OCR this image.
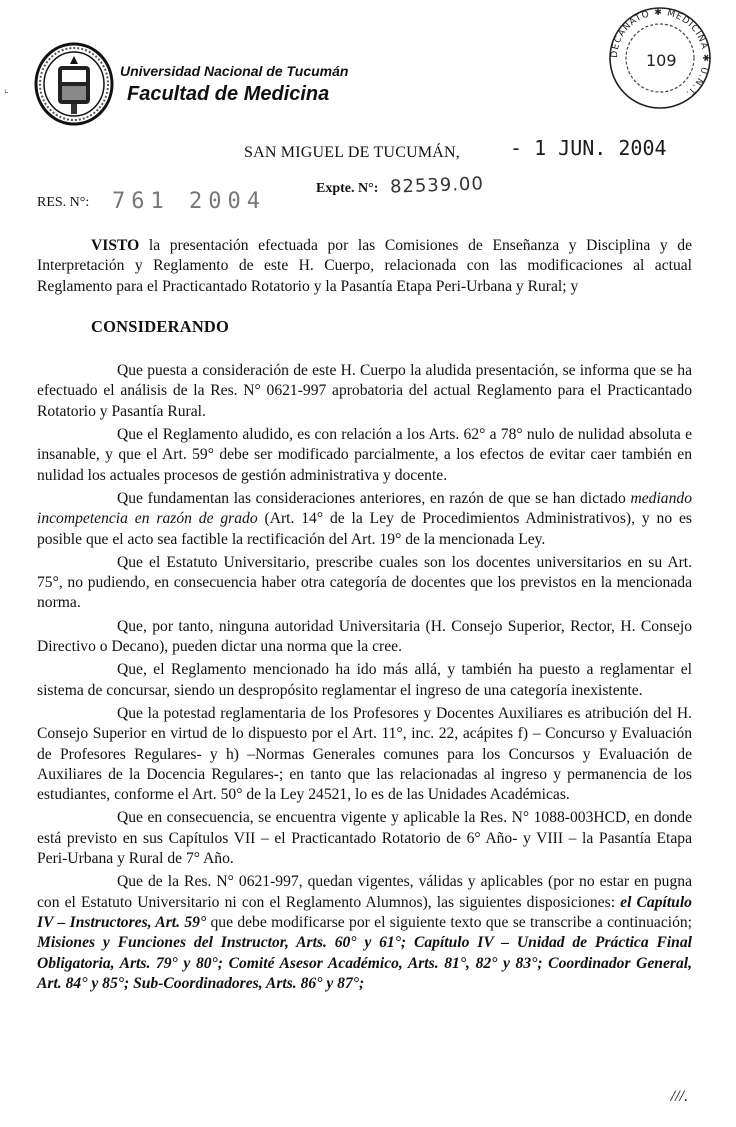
DECANATO ✱ MEDICINA ✱ U.N.T.
109
⌞
Universidad Nacional de Tucumán
Facultad de Medicina
SAN MIGUEL DE TUCUMÁN,	- 1 JUN. 2004
Expte. N°: 82539.00
RES. N°: 761 2004

VISTO la presentación efectuada por las Comisiones de Enseñanza y Disciplina y de Interpretación y Reglamento de este H. Cuerpo, relacionada con las modificaciones al actual Reglamento para el Practicantado Rotatorio y la Pasantía Etapa Peri-Urbana y Rural; y

CONSIDERANDO

Que puesta a consideración de este H. Cuerpo la aludida presentación, se informa que se ha efectuado el análisis de la Res. N° 0621-997 aprobatoria del actual Reglamento para el Practicantado Rotatorio y Pasantía Rural.

Que el Reglamento aludido, es con relación a los Arts. 62° a 78° nulo de nulidad absoluta e insanable, y que el Art. 59° debe ser modificado parcialmente, a los efectos de evitar caer también en nulidad los actuales procesos de gestión administrativa y docente.

Que fundamentan las consideraciones anteriores, en razón de que se han dictado mediando incompetencia en razón de grado (Art. 14° de la Ley de Procedimientos Administrativos), y no es posible que el acto sea factible la rectificación del Art. 19° de la mencionada Ley.

Que el Estatuto Universitario, prescribe cuales son los docentes universitarios en su Art. 75°, no pudiendo, en consecuencia haber otra categoría de docentes que los previstos en la mencionada norma.

Que, por tanto, ninguna autoridad Universitaria (H. Consejo Superior, Rector, H. Consejo Directivo o Decano), pueden dictar una norma que la cree.

Que, el Reglamento mencionado ha ido más allá, y también ha puesto a reglamentar el sistema de concursar, siendo un despropósito reglamentar el ingreso de una categoría inexistente.

Que la potestad reglamentaria de los Profesores y Docentes Auxiliares es atribución del H. Consejo Superior en virtud de lo dispuesto por el Art. 11°, inc. 22, acápites f) – Concurso y Evaluación de Profesores Regulares- y h) –Normas Generales comunes para los Concursos y Evaluación de Auxiliares de la Docencia Regulares-; en tanto que las relacionadas al ingreso y permanencia de los estudiantes, conforme el Art. 50° de la Ley 24521, lo es de las Unidades Académicas.

Que en consecuencia, se encuentra vigente y aplicable la Res. N° 1088-003HCD, en donde está previsto en sus Capítulos VII – el Practicantado Rotatorio de 6° Año- y VIII – la Pasantía Etapa Peri-Urbana y Rural de 7° Año.

Que de la Res. N° 0621-997, quedan vigentes, válidas y aplicables (por no estar en pugna con el Estatuto Universitario ni con el Reglamento Alumnos), las siguientes disposiciones: el Capítulo IV – Instructores, Art. 59° que debe modificarse por el siguiente texto que se transcribe a continuación; Misiones y Funciones del Instructor, Arts. 60° y 61°; Capítulo IV – Unidad de Práctica Final Obligatoria, Arts. 79° y 80°; Comité Asesor Académico, Arts. 81°, 82° y 83°; Coordinador General, Art. 84° y 85°; Sub-Coordinadores, Arts. 86° y 87°;

///.
